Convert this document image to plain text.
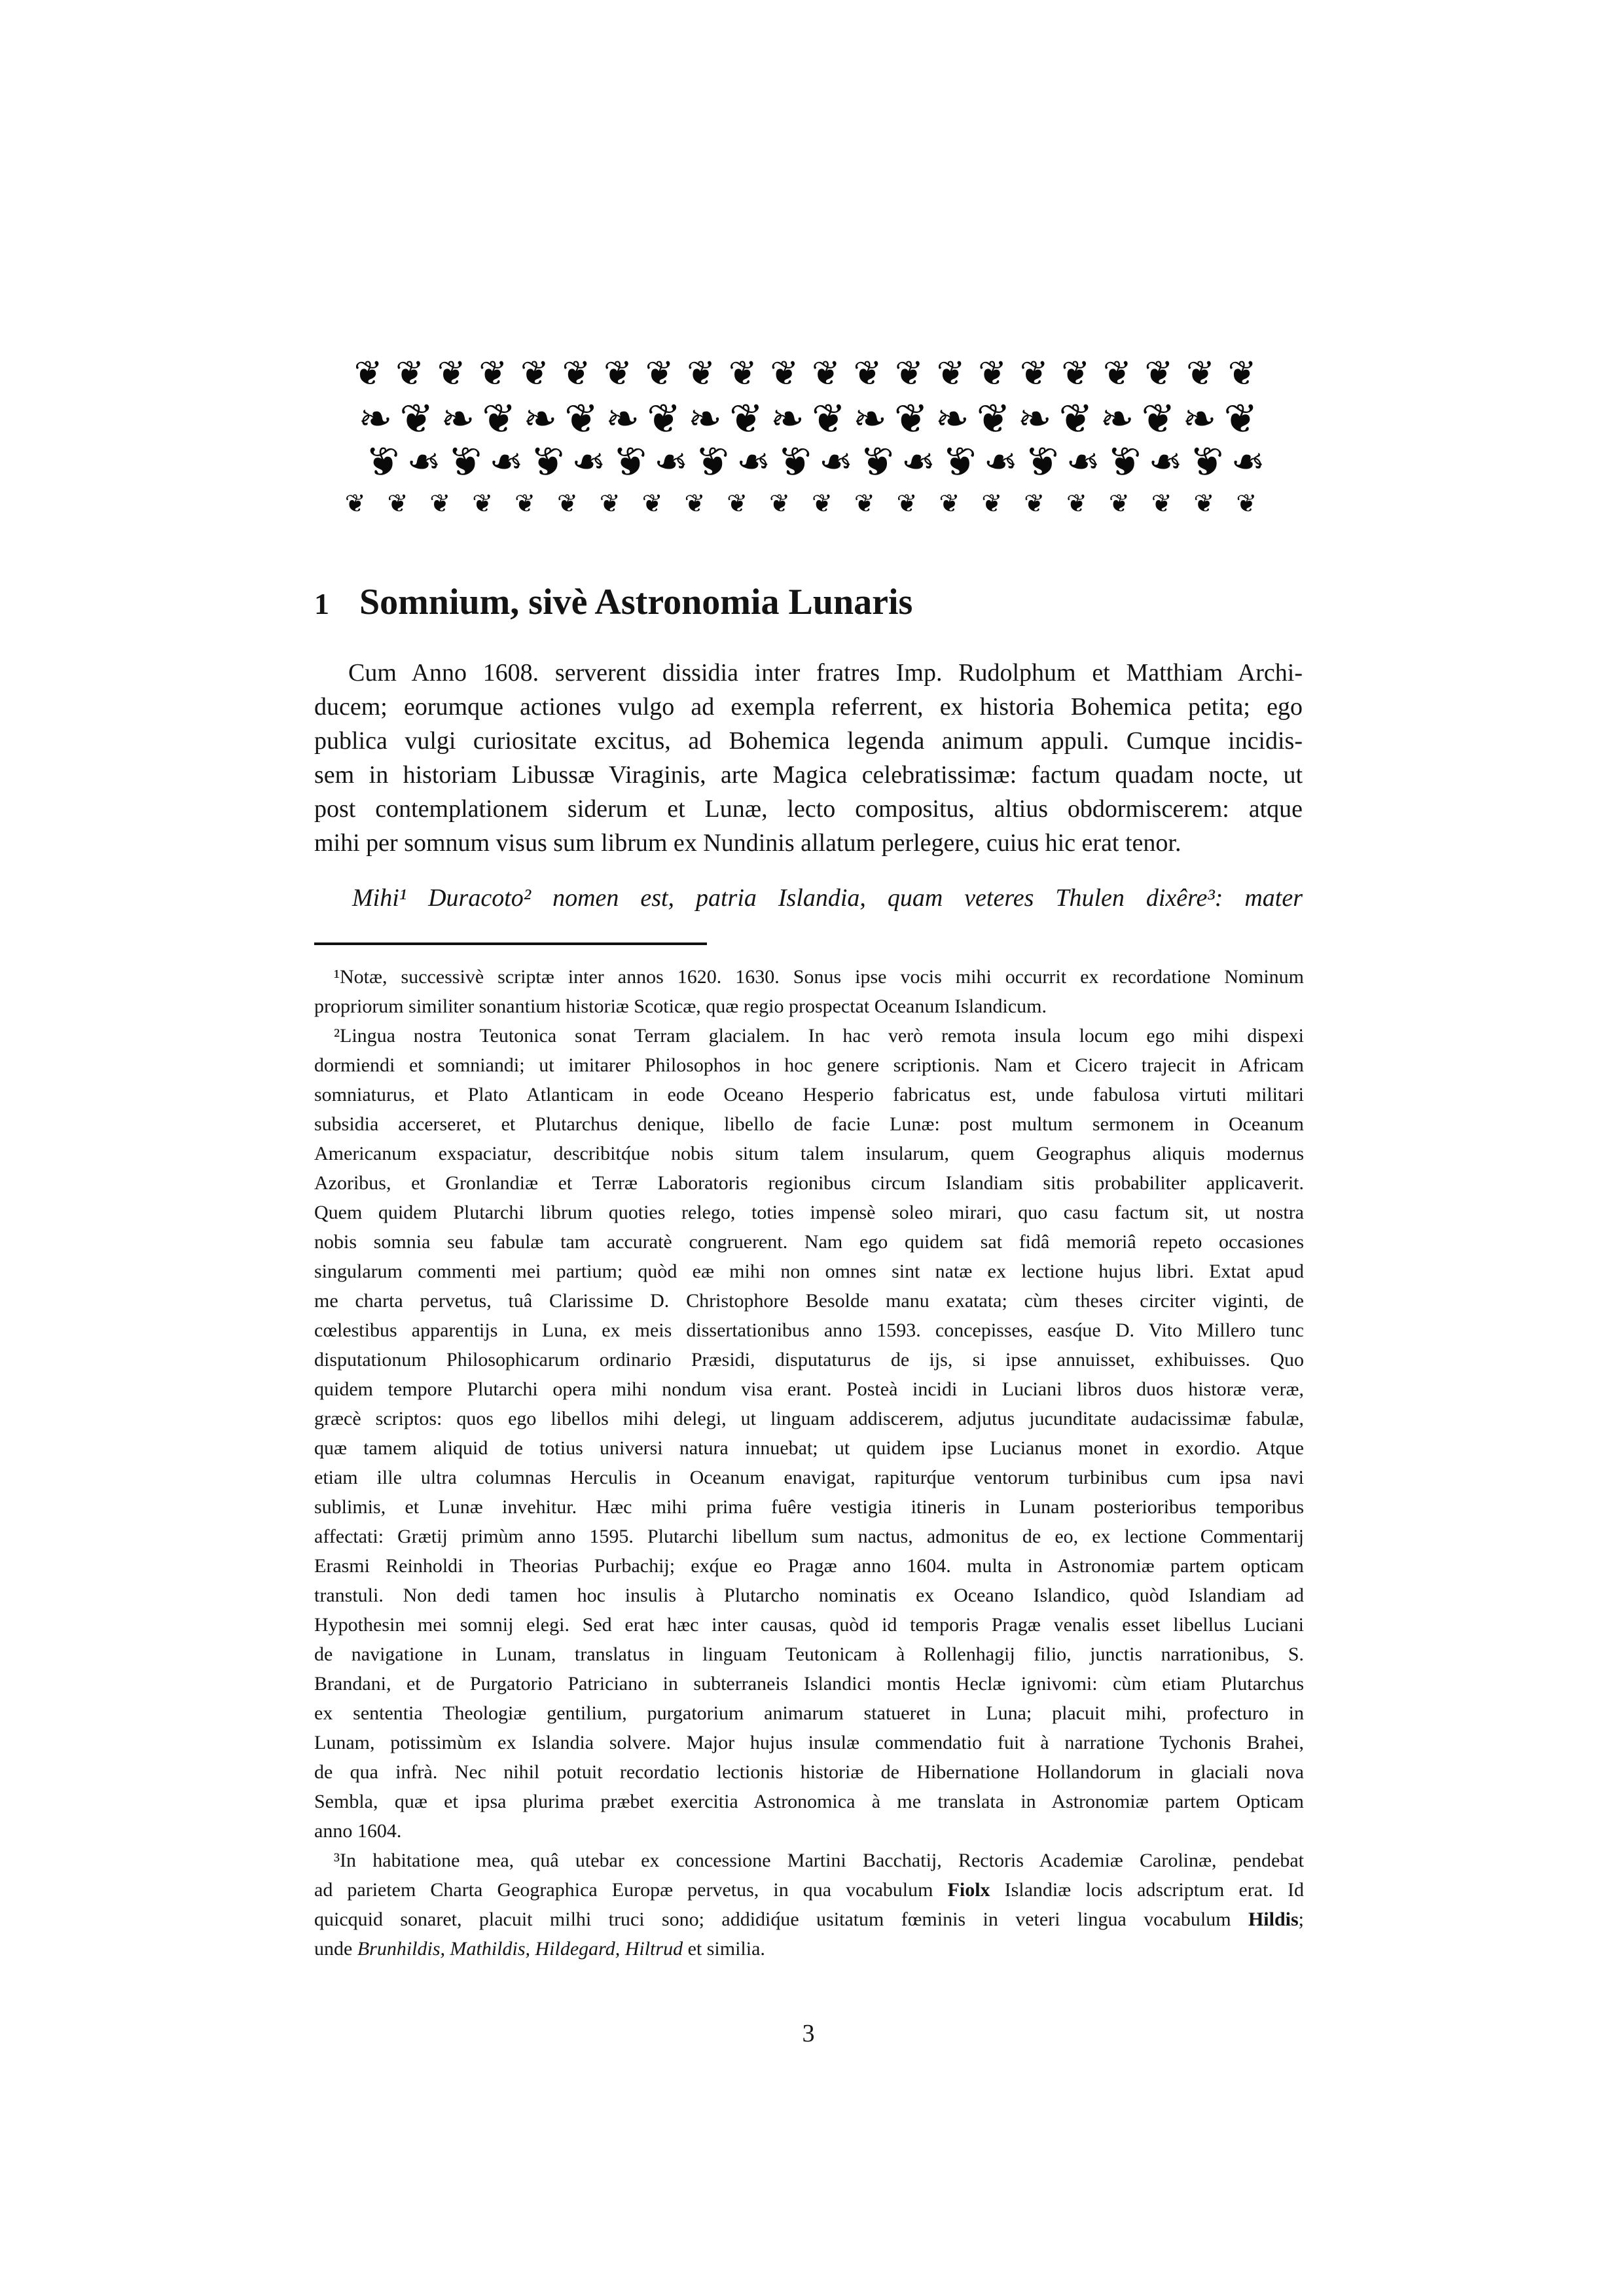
❦❦❦❦❦❦❦❦❦❦❦❦❦❦❦❦❦❦❦❦❦❦
❧❦❧❦❧❦❧❦❧❦❧❦❧❦❧❦❧❦❧❦❧❦
❧❦❧❦❧❦❧❦❧❦❧❦❧❦❧❦❧❦❧❦❧❦
❦❦❦❦❦❦❦❦❦❦❦❦❦❦❦❦❦❦❦❦❦❦
1 Somnium, sivè Astronomia Lunaris
Cum Anno 1608. serverent dissidia inter fratres Imp. Rudolphum et Matthiam Archi-
ducem; eorumque actiones vulgo ad exempla referrent, ex historia Bohemica petita; ego
publica vulgi curiositate excitus, ad Bohemica legenda animum appuli. Cumque incidis-
sem in historiam Libussæ Viraginis, arte Magica celebratissimæ: factum quadam nocte, ut
post contemplationem siderum et Lunæ, lecto compositus, altius obdormiscerem: atque
mihi per somnum visus sum librum ex Nundinis allatum perlegere, cuius hic erat tenor.
Mihi¹ Duracoto² nomen est, patria Islandia, quam veteres Thulen dixêre³: mater
¹Notæ, successivè scriptæ inter annos 1620. 1630. Sonus ipse vocis mihi occurrit ex recordatione Nominum
propriorum similiter sonantium historiæ Scoticæ, quæ regio prospectat Oceanum Islandicum.
²Lingua nostra Teutonica sonat Terram glacialem. In hac verò remota insula locum ego mihi dispexi
dormiendi et somniandi; ut imitarer Philosophos in hoc genere scriptionis. Nam et Cicero trajecit in Africam
somniaturus, et Plato Atlanticam in eode Oceano Hesperio fabricatus est, unde fabulosa virtuti militari
subsidia accerseret, et Plutarchus denique, libello de facie Lunæ: post multum sermonem in Oceanum
Americanum exspaciatur, describitq́ue nobis situm talem insularum, quem Geographus aliquis modernus
Azoribus, et Gronlandiæ et Terræ Laboratoris regionibus circum Islandiam sitis probabiliter applicaverit.
Quem quidem Plutarchi librum quoties relego, toties impensè soleo mirari, quo casu factum sit, ut nostra
nobis somnia seu fabulæ tam accuratè congruerent. Nam ego quidem sat fidâ memoriâ repeto occasiones
singularum commenti mei partium; quòd eæ mihi non omnes sint natæ ex lectione hujus libri. Extat apud
me charta pervetus, tuâ Clarissime D. Christophore Besolde manu exatata; cùm theses circiter viginti, de
cœlestibus apparentijs in Luna, ex meis dissertationibus anno 1593. concepisses, easq́ue D. Vito Millero tunc
disputationum Philosophicarum ordinario Præsidi, disputaturus de ijs, si ipse annuisset, exhibuisses. Quo
quidem tempore Plutarchi opera mihi nondum visa erant. Posteà incidi in Luciani libros duos historæ veræ,
græcè scriptos: quos ego libellos mihi delegi, ut linguam addiscerem, adjutus jucunditate audacissimæ fabulæ,
quæ tamem aliquid de totius universi natura innuebat; ut quidem ipse Lucianus monet in exordio. Atque
etiam ille ultra columnas Herculis in Oceanum enavigat, rapiturq́ue ventorum turbinibus cum ipsa navi
sublimis, et Lunæ invehitur. Hæc mihi prima fuêre vestigia itineris in Lunam posterioribus temporibus
affectati: Grætij primùm anno 1595. Plutarchi libellum sum nactus, admonitus de eo, ex lectione Commentarij
Erasmi Reinholdi in Theorias Purbachij; exq́ue eo Pragæ anno 1604. multa in Astronomiæ partem opticam
transtuli. Non dedi tamen hoc insulis à Plutarcho nominatis ex Oceano Islandico, quòd Islandiam ad
Hypothesin mei somnij elegi. Sed erat hæc inter causas, quòd id temporis Pragæ venalis esset libellus Luciani
de navigatione in Lunam, translatus in linguam Teutonicam à Rollenhagij filio, junctis narrationibus, S.
Brandani, et de Purgatorio Patriciano in subterraneis Islandici montis Heclæ ignivomi: cùm etiam Plutarchus
ex sententia Theologiæ gentilium, purgatorium animarum statueret in Luna; placuit mihi, profecturo in
Lunam, potissimùm ex Islandia solvere. Major hujus insulæ commendatio fuit à narratione Tychonis Brahei,
de qua infrà. Nec nihil potuit recordatio lectionis historiæ de Hibernatione Hollandorum in glaciali nova
Sembla, quæ et ipsa plurima præbet exercitia Astronomica à me translata in Astronomiæ partem Opticam
anno 1604.
³In habitatione mea, quâ utebar ex concessione Martini Bacchatij, Rectoris Academiæ Carolinæ, pendebat
ad parietem Charta Geographica Europæ pervetus, in qua vocabulum Fiolx Islandiæ locis adscriptum erat. Id
quicquid sonaret, placuit milhi truci sono; addidiq́ue usitatum fœminis in veteri lingua vocabulum Hildis;
unde Brunhildis, Mathildis, Hildegard, Hiltrud et similia.
3
